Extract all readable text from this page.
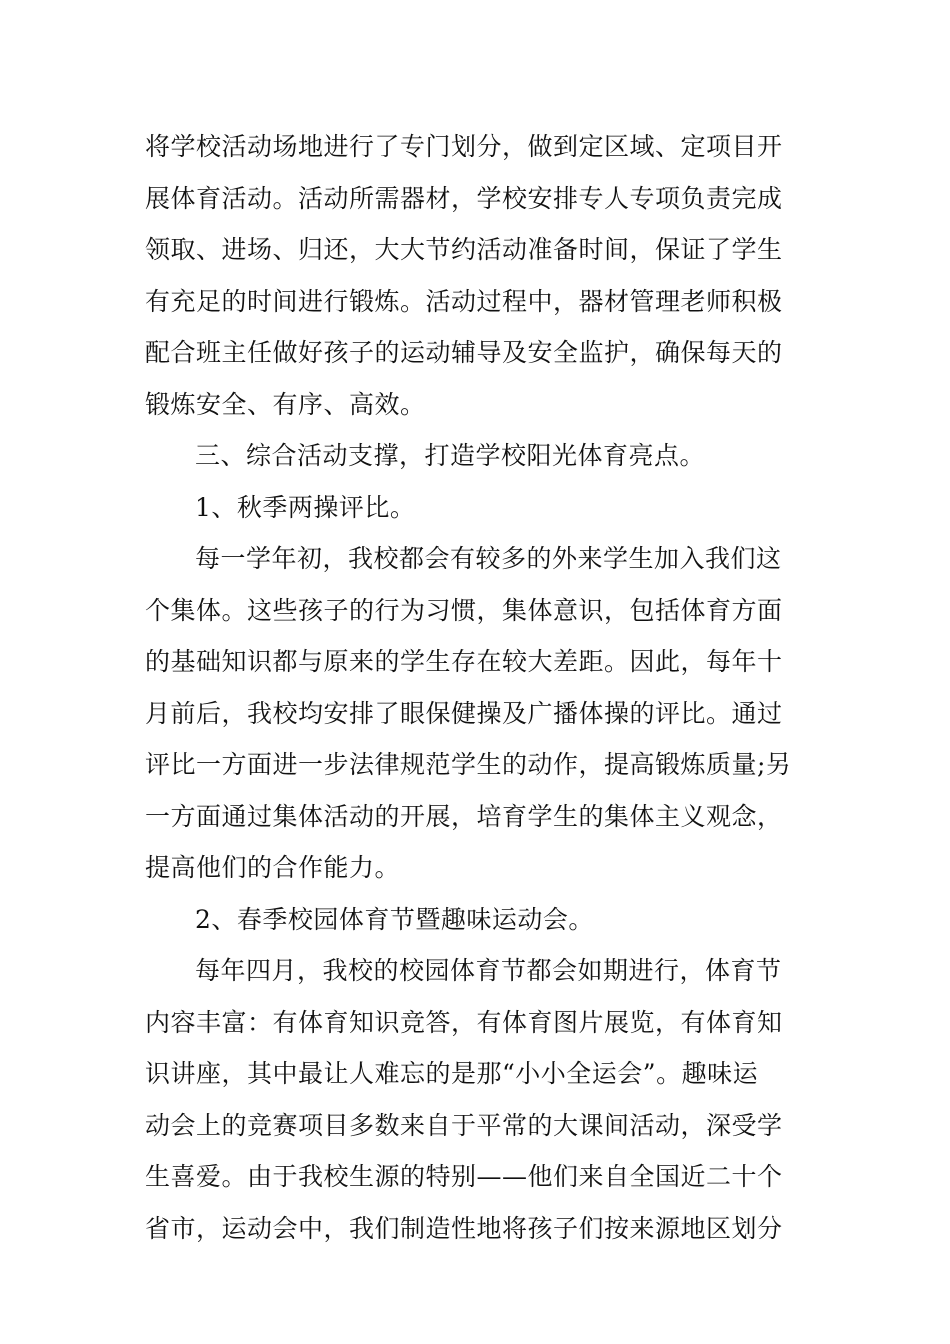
将学校活动场地进行了专门划分，做到定区域、定项目开
展体育活动。活动所需器材，学校安排专人专项负责完成
领取、进场、归还，大大节约活动准备时间，保证了学生
有充足的时间进行锻炼。活动过程中，器材管理老师积极
配合班主任做好孩子的运动辅导及安全监护，确保每天的
锻炼安全、有序、高效。
三、综合活动支撑，打造学校阳光体育亮点。
1、秋季两操评比。
每一学年初，我校都会有较多的外来学生加入我们这
个集体。这些孩子的行为习惯，集体意识，包括体育方面
的基础知识都与原来的学生存在较大差距。因此，每年十
月前后，我校均安排了眼保健操及广播体操的评比。通过
评比一方面进一步法律规范学生的动作，提高锻炼质量;另
一方面通过集体活动的开展，培育学生的集体主义观念，
提高他们的合作能力。
2、春季校园体育节暨趣味运动会。
每年四月，我校的校园体育节都会如期进行，体育节
内容丰富：有体育知识竞答，有体育图片展览，有体育知
识讲座，其中最让人难忘的是那“小小全运会”。趣味运
动会上的竞赛项目多数来自于平常的大课间活动，深受学
生喜爱。由于我校生源的特别——他们来自全国近二十个
省市，运动会中，我们制造性地将孩子们按来源地区划分
